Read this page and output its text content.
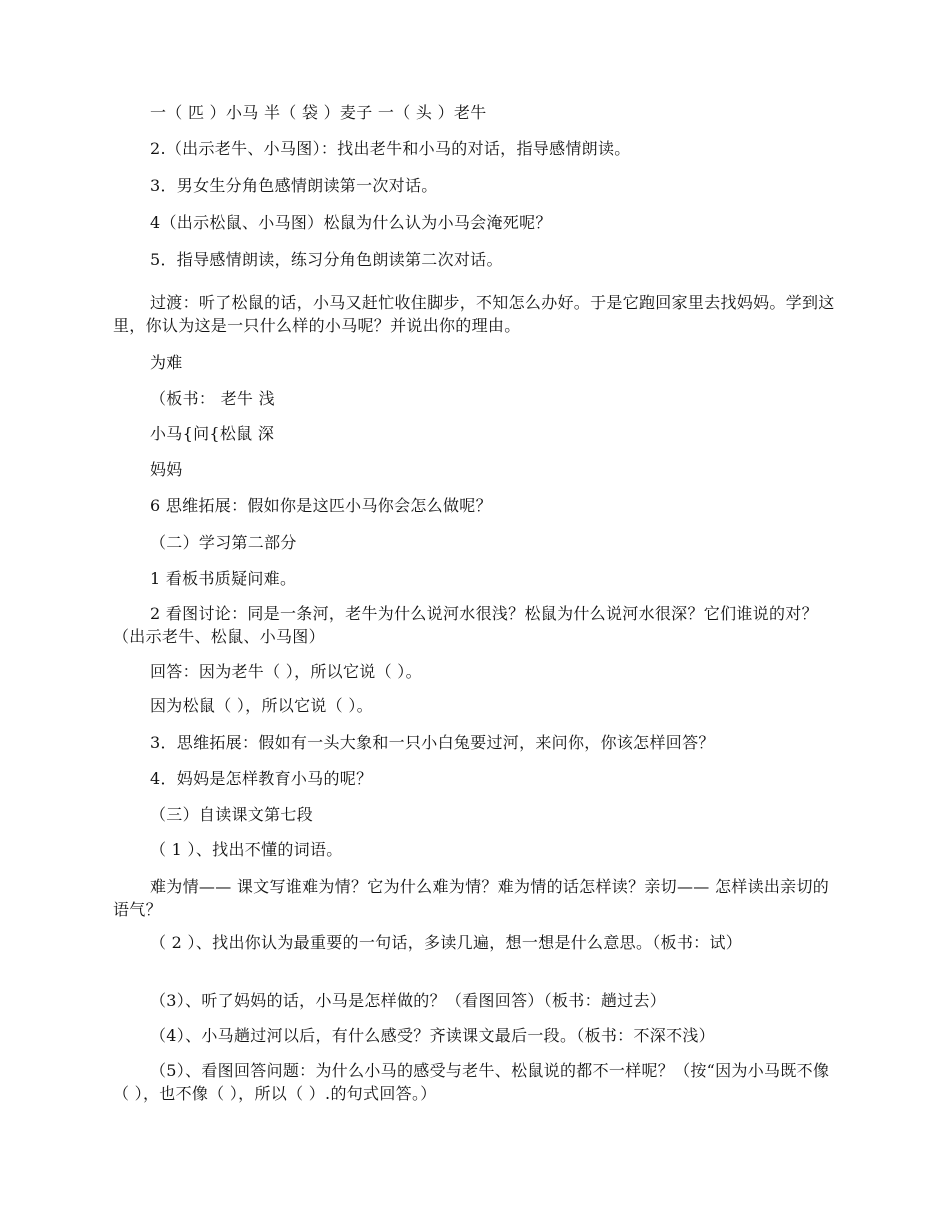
一（ 匹 ）小马 半（ 袋 ）麦子 一（ 头 ）老牛

2.（出示老牛、小马图）：找出老牛和小马的对话，指导感情朗读。

3．男女生分角色感情朗读第一次对话。

4（出示松鼠、小马图）松鼠为什么认为小马会淹死呢？

5．指导感情朗读，练习分角色朗读第二次对话。

过渡：听了松鼠的话，小马又赶忙收住脚步，不知怎么办好。于是它跑回家里去找妈妈。学到这里，你认为这是一只什么样的小马呢？并说出你的理由。

为难

（板书： 老牛 浅

小马{问{松鼠 深

妈妈

6 思维拓展：假如你是这匹小马你会怎么做呢？

（二）学习第二部分

1 看板书质疑问难。

2 看图讨论：同是一条河，老牛为什么说河水很浅？松鼠为什么说河水很深？它们谁说的对？（出示老牛、松鼠、小马图）

回答：因为老牛（ ），所以它说（ ）。

因为松鼠（ ），所以它说（ ）。

3．思维拓展：假如有一头大象和一只小白兔要过河，来问你，你该怎样回答？

4．妈妈是怎样教育小马的呢？

（三）自读课文第七段

（ 1 ）、找出不懂的词语。

难为情—— 课文写谁难为情？它为什么难为情？难为情的话怎样读？亲切—— 怎样读出亲切的语气？

（ 2 ）、找出你认为最重要的一句话，多读几遍，想一想是什么意思。（板书：试）

（3）、听了妈妈的话，小马是怎样做的？（看图回答）（板书：趟过去）

（4）、小马趟过河以后，有什么感受？齐读课文最后一段。（板书：不深不浅）

（5）、看图回答问题：为什么小马的感受与老牛、松鼠说的都不一样呢？（按“因为小马既不像（ ），也不像（ ），所以（ ）.的句式回答。）
